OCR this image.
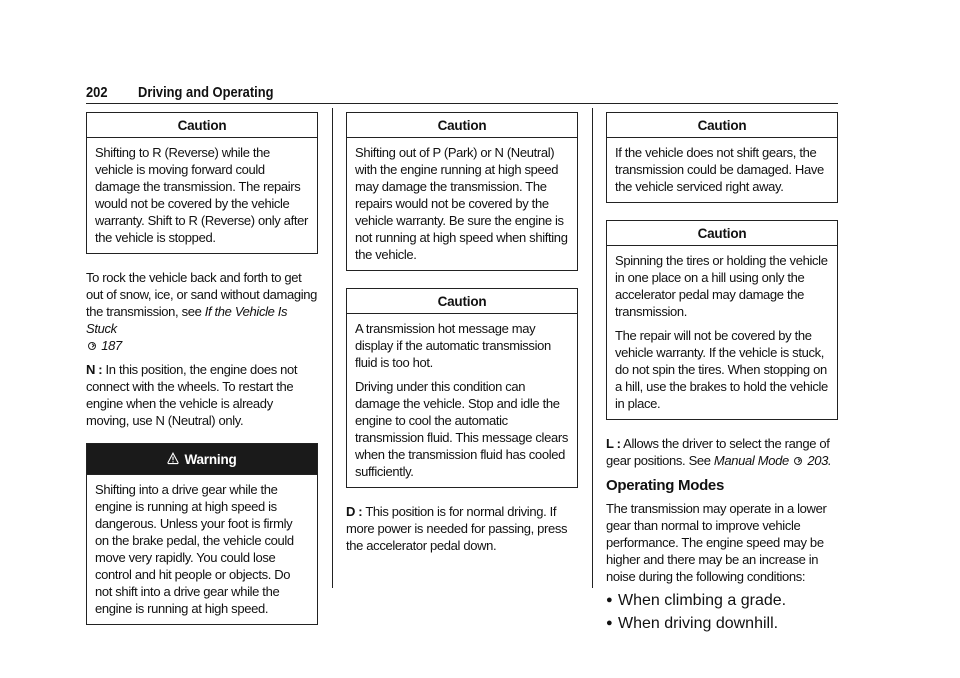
202 Driving and Operating
Caution
Shifting to R (Reverse) while the vehicle is moving forward could damage the transmission. The repairs would not be covered by the vehicle warranty. Shift to R (Reverse) only after the vehicle is stopped.

To rock the vehicle back and forth to get out of snow, ice, or sand without damaging the transmission, see If the Vehicle Is Stuck
187

N : In this position, the engine does not connect with the wheels. To restart the engine when the vehicle is already moving, use N (Neutral) only.

Warning
Shifting into a drive gear while the engine is running at high speed is dangerous. Unless your foot is firmly on the brake pedal, the vehicle could move very rapidly. You could lose control and hit people or objects. Do not shift into a drive gear while the engine is running at high speed.
Caution
Shifting out of P (Park) or N (Neutral) with the engine running at high speed may damage the transmission. The repairs would not be covered by the vehicle warranty. Be sure the engine is not running at high speed when shifting the vehicle.
Caution
A transmission hot message may display if the automatic transmission fluid is too hot.
Driving under this condition can damage the vehicle. Stop and idle the engine to cool the automatic transmission fluid. This message clears when the transmission fluid has cooled sufficiently.

D : This position is for normal driving. If more power is needed for passing, press the accelerator pedal down.

Caution
If the vehicle does not shift gears, the transmission could be damaged. Have the vehicle serviced right away.
Caution
Spinning the tires or holding the vehicle in one place on a hill using only the accelerator pedal may damage the transmission.
The repair will not be covered by the vehicle warranty. If the vehicle is stuck, do not spin the tires. When stopping on a hill, use the brakes to hold the vehicle in place.

L : Allows the driver to select the range of gear positions. See Manual Mode 203.

Operating Modes

The transmission may operate in a lower gear than normal to improve vehicle performance. The engine speed may be higher and there may be an increase in noise during the following conditions:

● When climbing a grade.
● When driving downhill.
